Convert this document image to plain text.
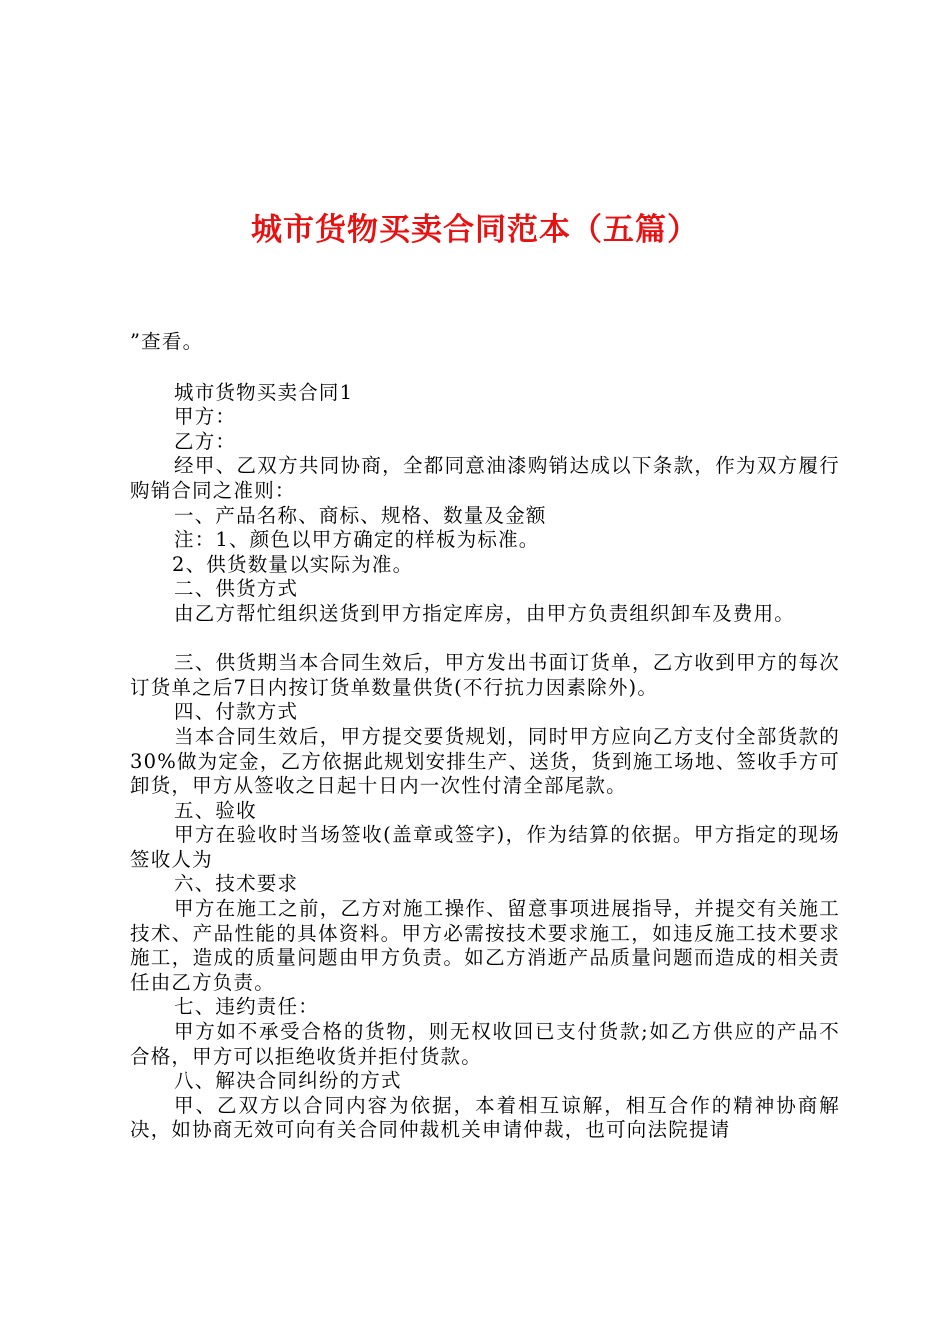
城市货物买卖合同范本（五篇）

”查看。

城市货物买卖合同1

甲方：

乙方：

经甲、乙双方共同协商，全都同意油漆购销达成以下条款，作为双方履行购销合同之准则：

一、产品名称、商标、规格、数量及金额

注：1、颜色以甲方确定的样板为标准。

2、供货数量以实际为准。

二、供货方式

由乙方帮忙组织送货到甲方指定库房，由甲方负责组织卸车及费用。

三、供货期当本合同生效后，甲方发出书面订货单，乙方收到甲方的每次订货单之后7日内按订货单数量供货(不行抗力因素除外)。

四、付款方式

当本合同生效后，甲方提交要货规划，同时甲方应向乙方支付全部货款的30%做为定金，乙方依据此规划安排生产、送货，货到施工场地、签收手方可卸货，甲方从签收之日起十日内一次性付清全部尾款。

五、验收

甲方在验收时当场签收(盖章或签字)，作为结算的依据。甲方指定的现场签收人为

六、技术要求

甲方在施工之前，乙方对施工操作、留意事项进展指导，并提交有关施工技术、产品性能的具体资料。甲方必需按技术要求施工，如违反施工技术要求施工，造成的质量问题由甲方负责。如乙方消逝产品质量问题而造成的相关责任由乙方负责。

七、违约责任：

甲方如不承受合格的货物，则无权收回已支付货款;如乙方供应的产品不合格，甲方可以拒绝收货并拒付货款。

八、解决合同纠纷的方式

甲、乙双方以合同内容为依据，本着相互谅解，相互合作的精神协商解决，如协商无效可向有关合同仲裁机关申请仲裁，也可向法院提请
